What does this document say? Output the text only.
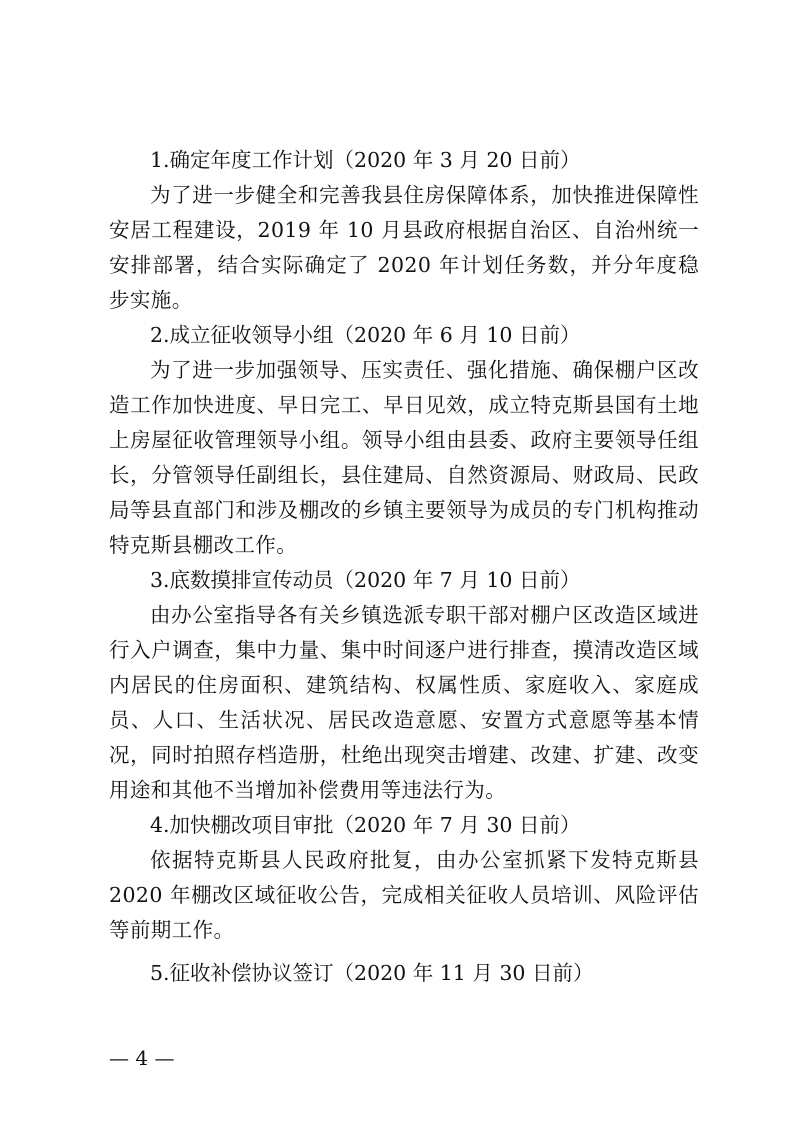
1.确定年度工作计划（2020 年 3 月 20 日前）

为了进一步健全和完善我县住房保障体系，加快推进保障性安居工程建设，2019 年 10 月县政府根据自治区、自治州统一安排部署，结合实际确定了 2020 年计划任务数，并分年度稳步实施。

2.成立征收领导小组（2020 年 6 月 10 日前）

为了进一步加强领导、压实责任、强化措施、确保棚户区改造工作加快进度、早日完工、早日见效，成立特克斯县国有土地上房屋征收管理领导小组。领导小组由县委、政府主要领导任组长，分管领导任副组长，县住建局、自然资源局、财政局、民政局等县直部门和涉及棚改的乡镇主要领导为成员的专门机构推动特克斯县棚改工作。

3.底数摸排宣传动员（2020 年 7 月 10 日前）

由办公室指导各有关乡镇选派专职干部对棚户区改造区域进行入户调查，集中力量、集中时间逐户进行排查，摸清改造区域内居民的住房面积、建筑结构、权属性质、家庭收入、家庭成员、人口、生活状况、居民改造意愿、安置方式意愿等基本情况，同时拍照存档造册，杜绝出现突击增建、改建、扩建、改变用途和其他不当增加补偿费用等违法行为。

4.加快棚改项目审批（2020 年 7 月 30 日前）

依据特克斯县人民政府批复，由办公室抓紧下发特克斯县 2020 年棚改区域征收公告，完成相关征收人员培训、风险评估等前期工作。

5.征收补偿协议签订（2020 年 11 月 30 日前）

— 4 —
